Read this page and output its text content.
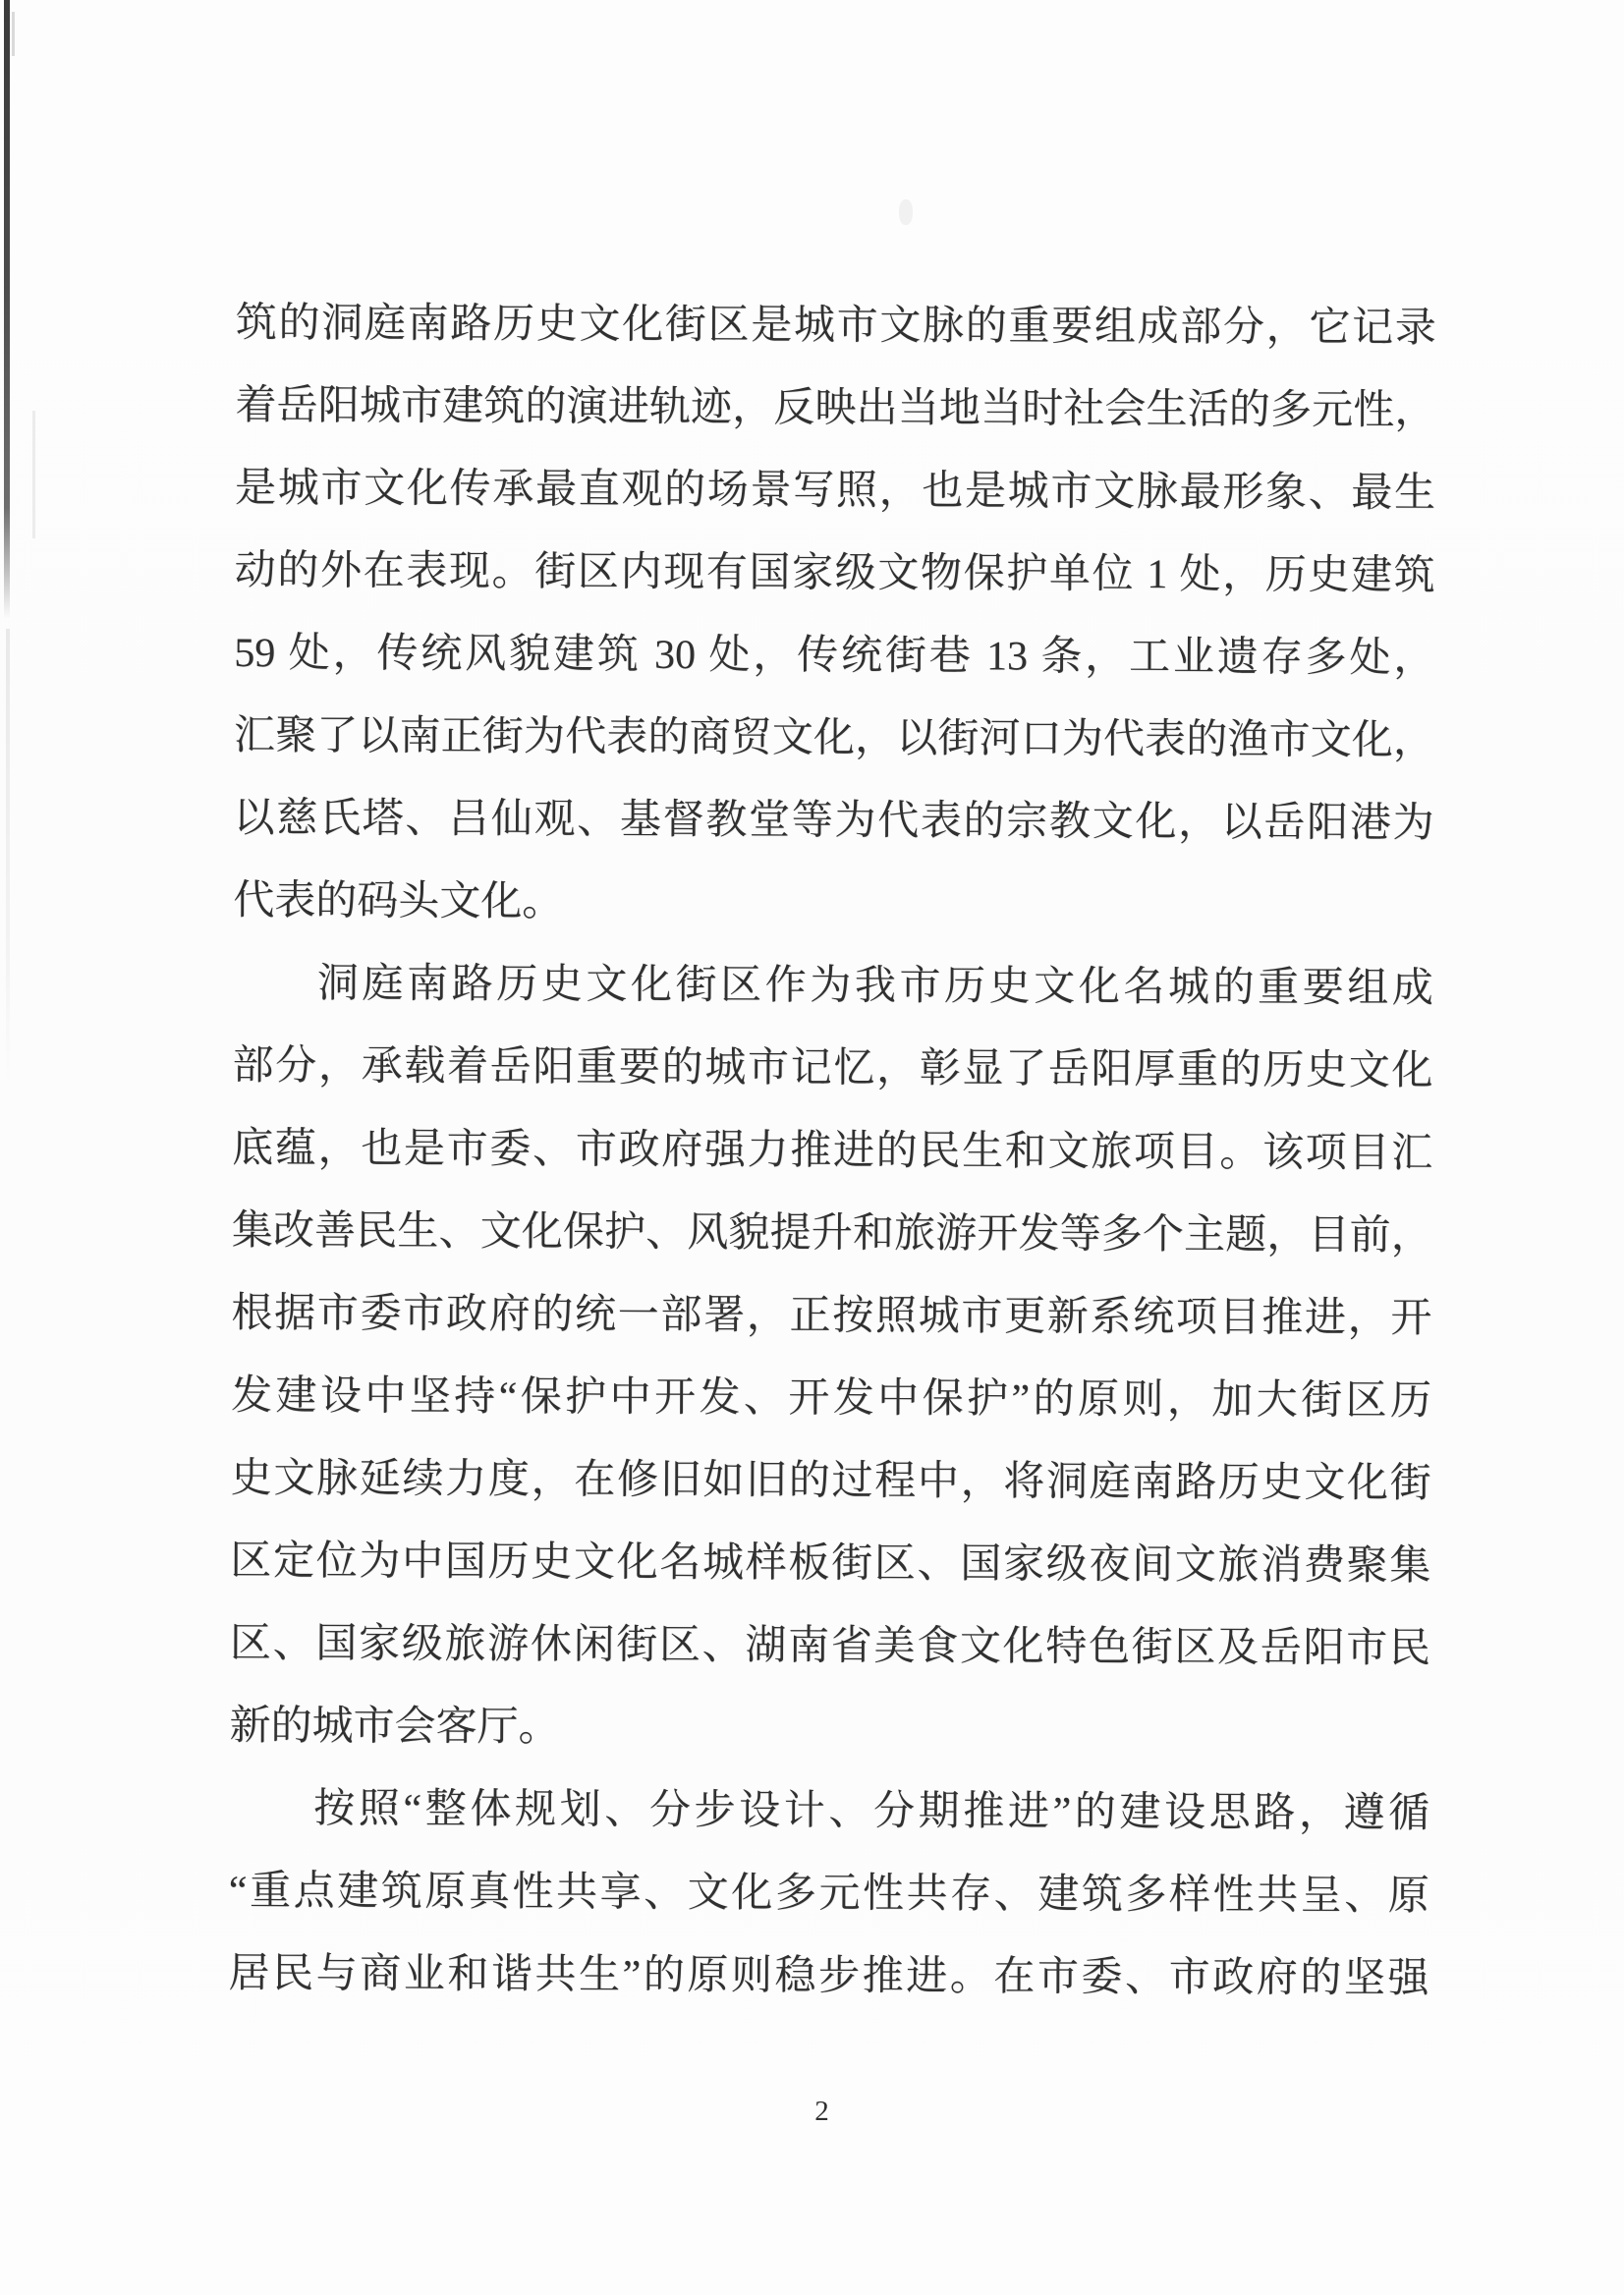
筑的洞庭南路历史文化街区是城市文脉的重要组成部分，它记录
着岳阳城市建筑的演进轨迹，反映出当地当时社会生活的多元性，
是城市文化传承最直观的场景写照，也是城市文脉最形象、最生
动的外在表现。街区内现有国家级文物保护单位 1 处，历史建筑
59 处，传统风貌建筑 30 处，传统街巷 13 条，工业遗存多处，
汇聚了以南正街为代表的商贸文化，以街河口为代表的渔市文化，
以慈氏塔、吕仙观、基督教堂等为代表的宗教文化，以岳阳港为
代表的码头文化。
洞庭南路历史文化街区作为我市历史文化名城的重要组成
部分，承载着岳阳重要的城市记忆，彰显了岳阳厚重的历史文化
底蕴，也是市委、市政府强力推进的民生和文旅项目。该项目汇
集改善民生、文化保护、风貌提升和旅游开发等多个主题，目前，
根据市委市政府的统一部署，正按照城市更新系统项目推进，开
发建设中坚持“保护中开发、开发中保护”的原则，加大街区历
史文脉延续力度，在修旧如旧的过程中，将洞庭南路历史文化街
区定位为中国历史文化名城样板街区、国家级夜间文旅消费聚集
区、国家级旅游休闲街区、湖南省美食文化特色街区及岳阳市民
新的城市会客厅。
按照“整体规划、分步设计、分期推进”的建设思路，遵循
“重点建筑原真性共享、文化多元性共存、建筑多样性共呈、原
居民与商业和谐共生”的原则稳步推进。在市委、市政府的坚强
2
